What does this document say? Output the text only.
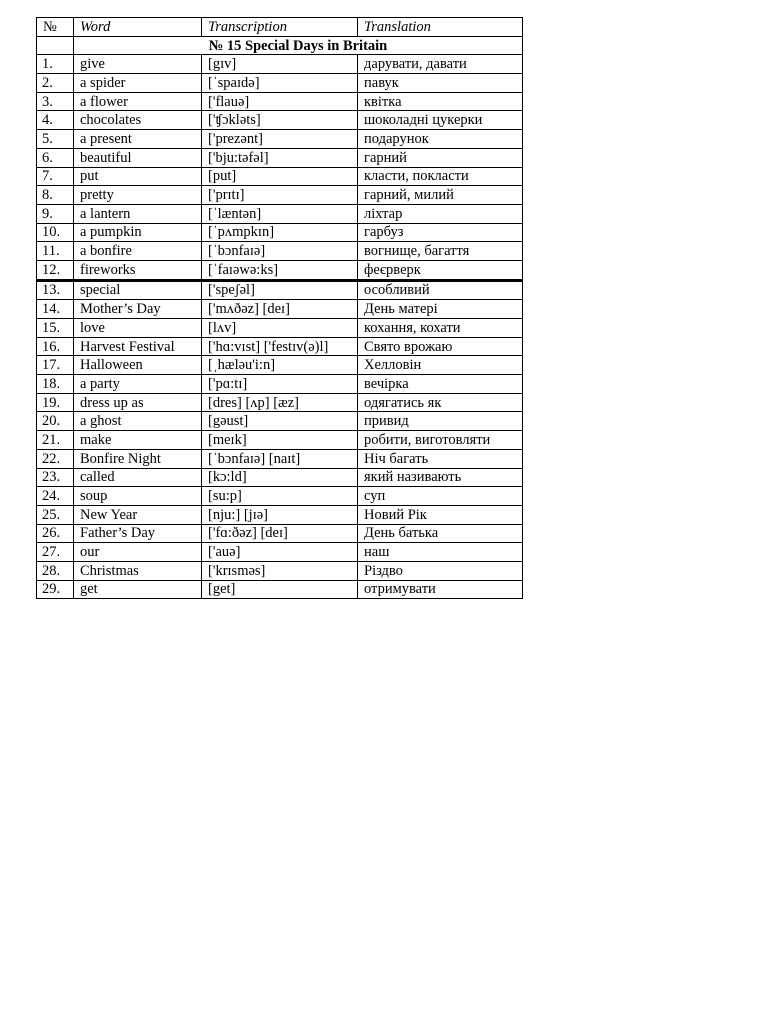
№	Word	Transcription	Translation
	№ 15 Special Days in Britain		
1.	give	[gɪv]	дарувати, давати
2.	a spider	[ˈspaɪdə]	павук
3.	a flower	['flauə]	квітка
4.	chocolates	['ʧɔklǝts]	шоколадні цукерки
5.	a present	['prezǝnt]	подарунок
6.	beautiful	['bju:tǝfǝl]	гарний
7.	put	[put]	класти, покласти
8.	pretty	['prɪtɪ]	гарний, милий
9.	a lantern	[ˈlæntǝn]	ліхтар
10.	a pumpkin	[ˈpʌmpkɪn]	гарбуз
11.	a bonfire	[ˈbɔnfaɪǝ]	вогнище, багаття
12.	fireworks	[ˈfaɪǝwǝ:ks]	феєрверк
13.	special	['speʃǝl]	особливий
14.	Mother’s Day	['mʌðǝz] [deɪ]	День матері
15.	love	[lʌv]	кохання, кохати
16.	Harvest Festival	['hɑ:vɪst] ['festɪv(ǝ)l]	Свято врожаю
17.	Halloween	[ˌhælǝu'i:n]	Хелловін
18.	a party	['pɑ:tɪ]	вечірка
19.	dress up as	[dres] [ʌp] [æz]	одягатись як
20.	a ghost	[gǝust]	привид
21.	make	[meɪk]	робити, виготовляти
22.	Bonfire Night	[ˈbɔnfaɪǝ] [naɪt]	Ніч багать
23.	called	[kɔ:ld]	який називають
24.	soup	[su:p]	суп
25.	New Year	[nju:] [jɪǝ]	Новий Рік
26.	Father’s Day	['fɑ:ðǝz] [deɪ]	День батька
27.	our	['auǝ]	наш
28.	Christmas	['krɪsmǝs]	Різдво
29.	get	[get]	отримувати
